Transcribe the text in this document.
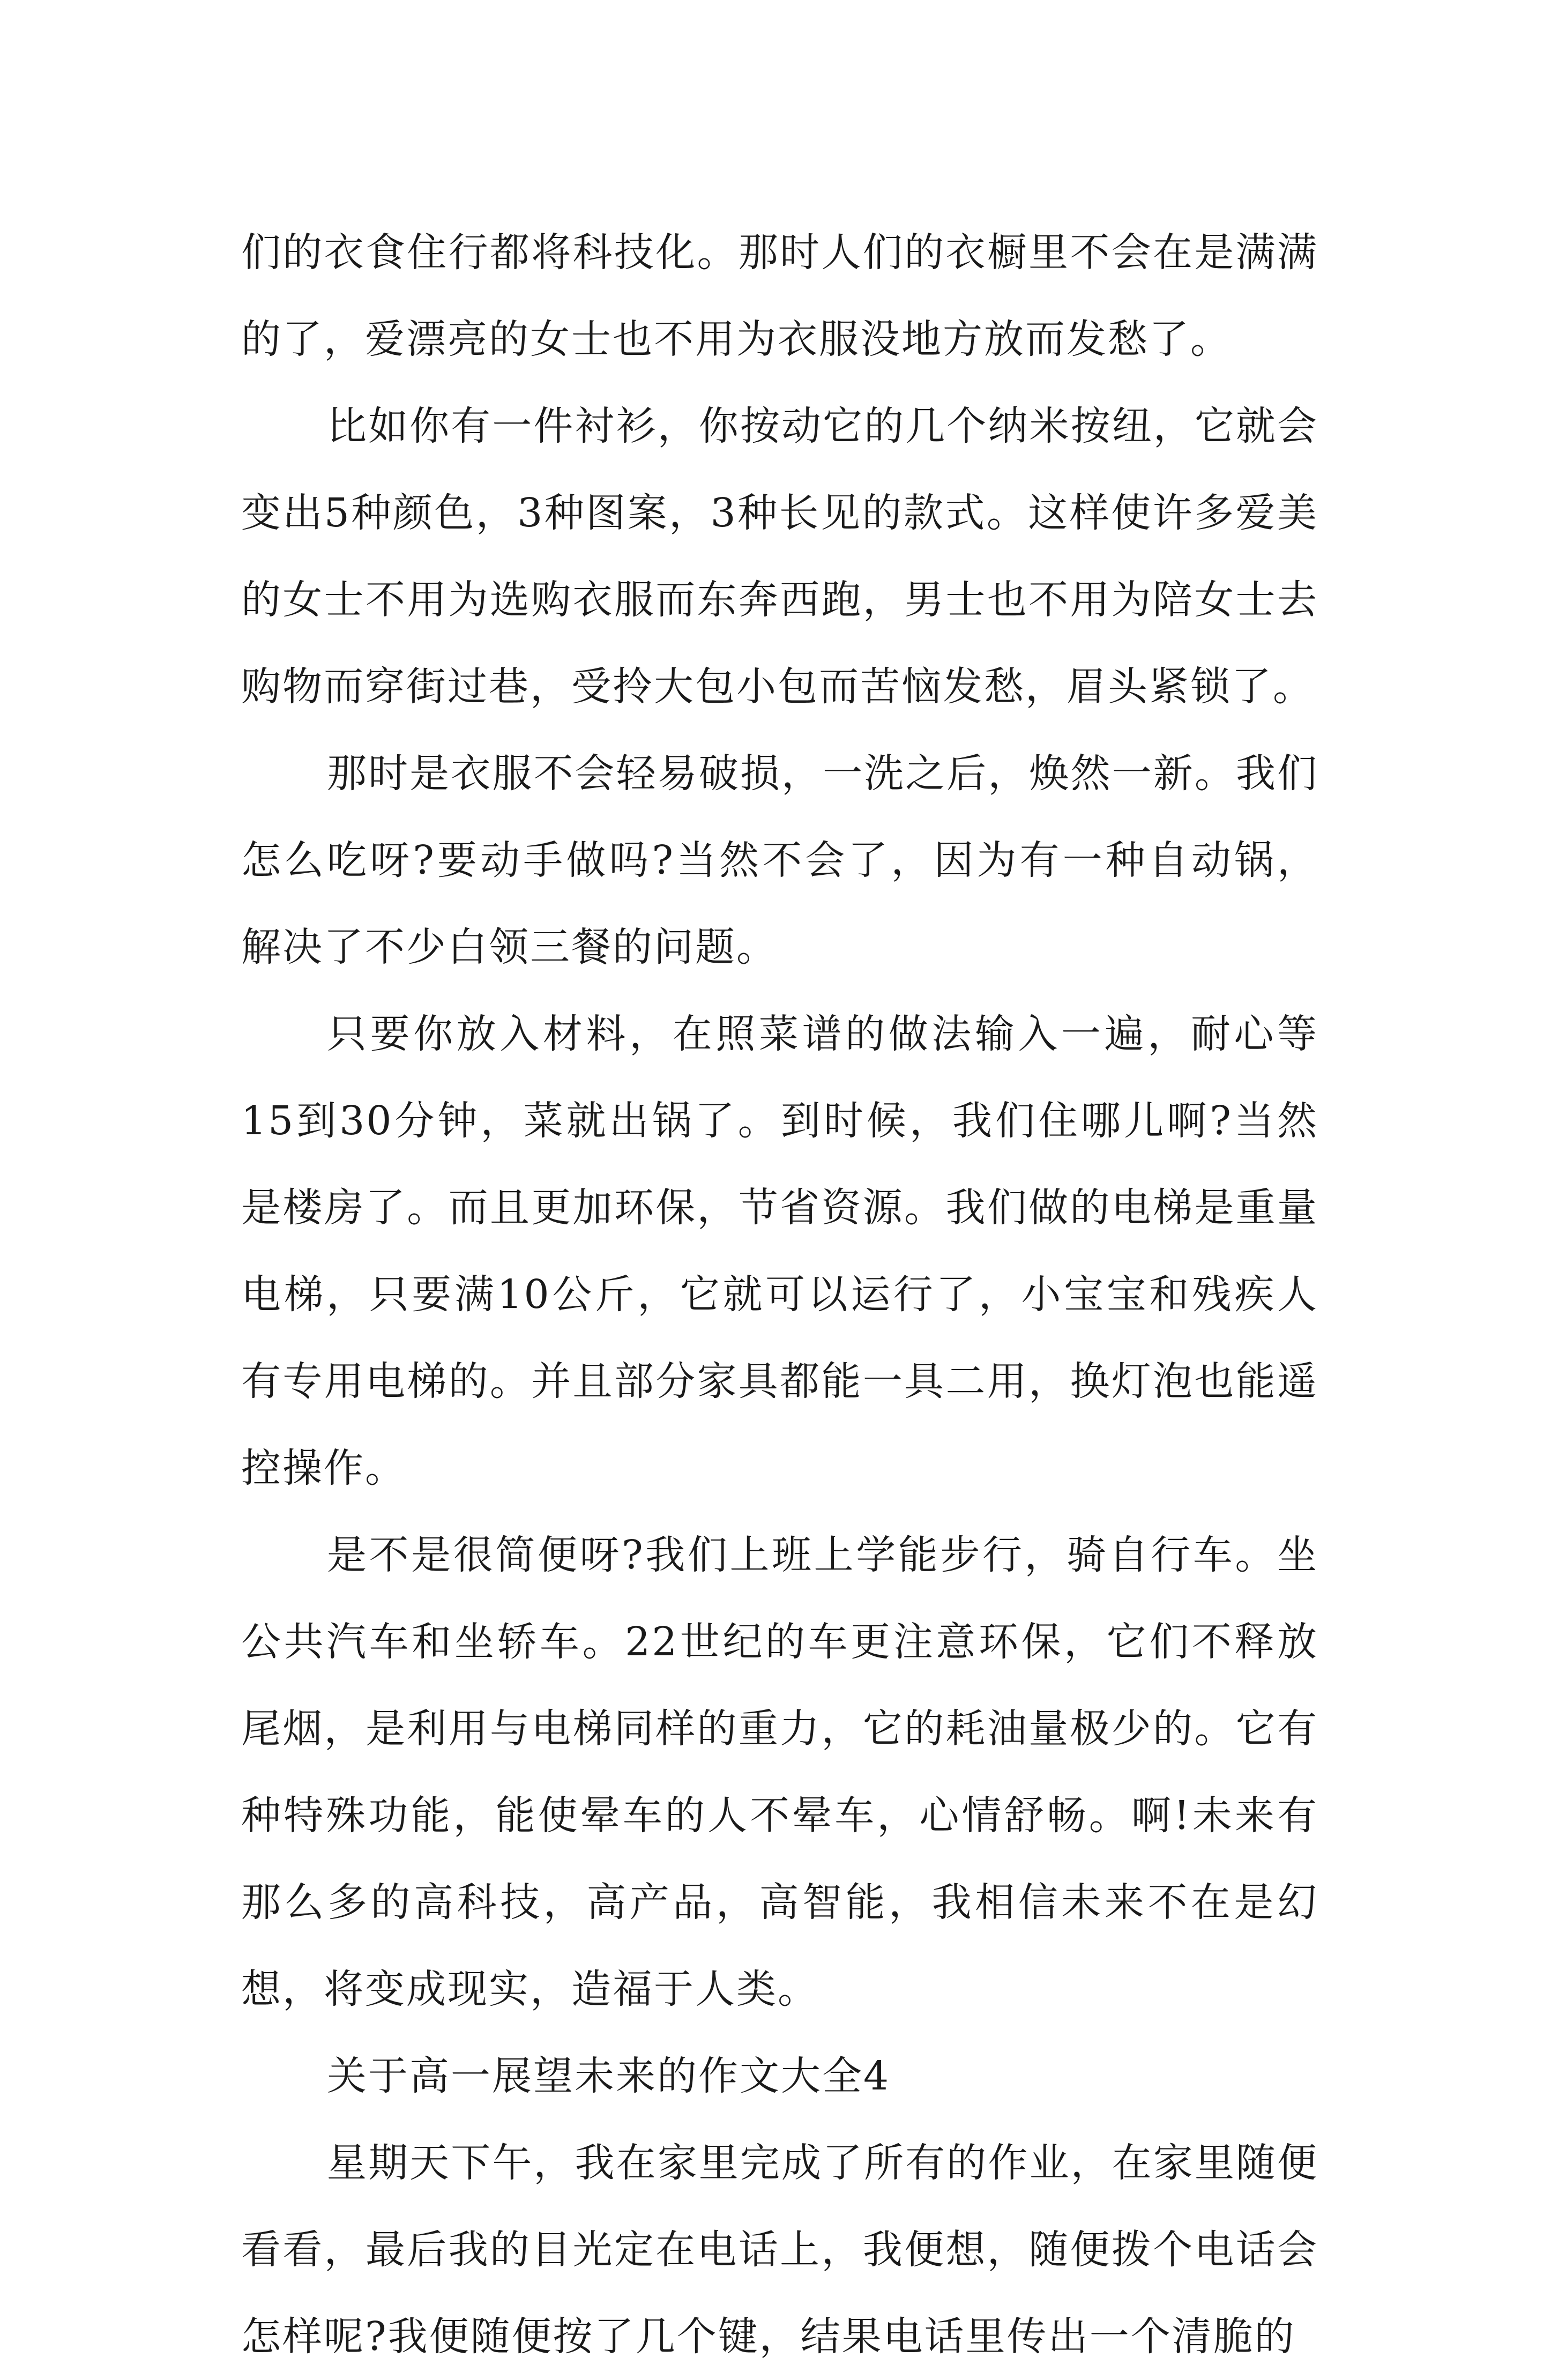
们的衣食住行都将科技化。那时人们的衣橱里不会在是满满的了，爱漂亮的女士也不用为衣服没地方放而发愁了。

比如你有一件衬衫，你按动它的几个纳米按纽，它就会变出5种颜色，3种图案，3种长见的款式。这样使许多爱美的女士不用为选购衣服而东奔西跑，男士也不用为陪女士去购物而穿街过巷，受拎大包小包而苦恼发愁，眉头紧锁了。

那时是衣服不会轻易破损，一洗之后，焕然一新。我们怎么吃呀?要动手做吗?当然不会了，因为有一种自动锅，解决了不少白领三餐的问题。

只要你放入材料，在照菜谱的做法输入一遍，耐心等15到30分钟，菜就出锅了。到时候，我们住哪儿啊?当然是楼房了。而且更加环保，节省资源。我们做的电梯是重量电梯，只要满10公斤，它就可以运行了，小宝宝和残疾人有专用电梯的。并且部分家具都能一具二用，换灯泡也能遥控操作。

是不是很简便呀?我们上班上学能步行，骑自行车。坐公共汽车和坐轿车。22世纪的车更注意环保，它们不释放尾烟，是利用与电梯同样的重力，它的耗油量极少的。它有种特殊功能，能使晕车的人不晕车，心情舒畅。啊!未来有那么多的高科技，高产品，高智能，我相信未来不在是幻想，将变成现实，造福于人类。

关于高一展望未来的作文大全4

星期天下午，我在家里完成了所有的作业，在家里随便看看，最后我的目光定在电话上，我便想，随便拨个电话会怎样呢?我便随便按了几个键，结果电话里传出一个清脆的
